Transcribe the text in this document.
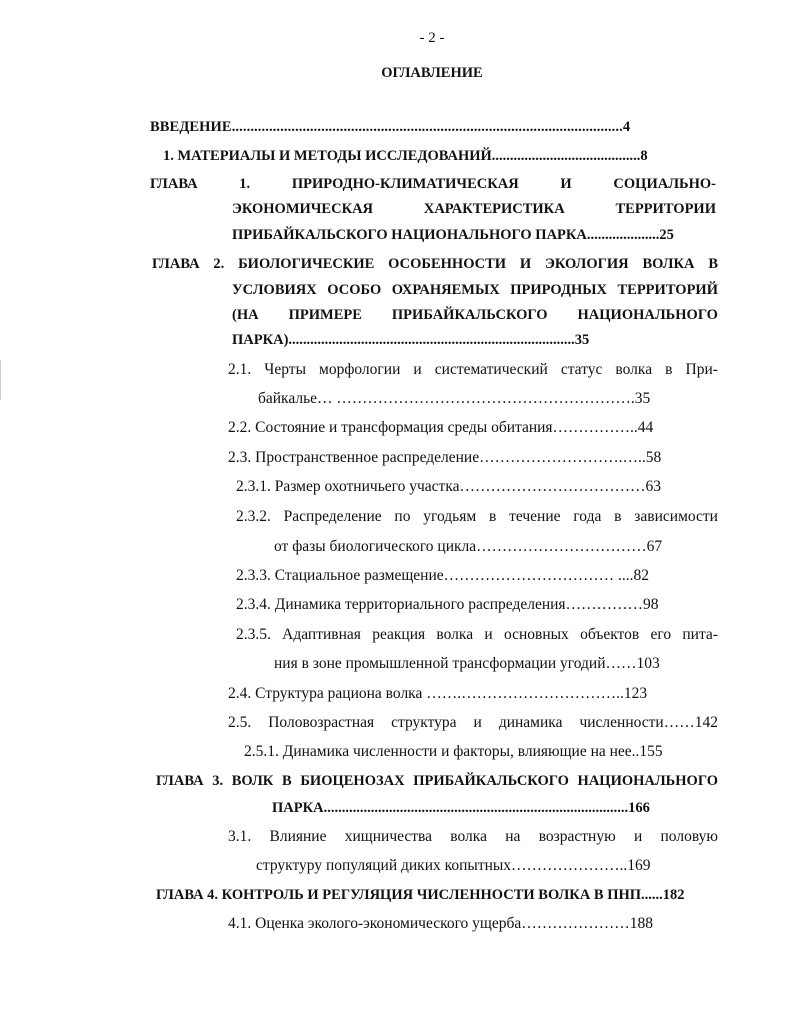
- 2 -
ОГЛАВЛЕНИЕ
ВВЕДЕНИЕ.........................................................................................................4
1. МАТЕРИАЛЫ И МЕТОДЫ ИССЛЕДОВАНИЙ.........................................8
ГЛАВА	1.	ПРИРОДНО-КЛИМАТИЧЕСКАЯ	И	СОЦИАЛЬНО-
ЭКОНОМИЧЕСКАЯ	ХАРАКТЕРИСТИКА	ТЕРРИТОРИИ
ПРИБАЙКАЛЬСКОГО НАЦИОНАЛЬНОГО ПАРКА....................25
ГЛАВА 2. БИОЛОГИЧЕСКИЕ ОСОБЕННОСТИ И ЭКОЛОГИЯ ВОЛКА В
УСЛОВИЯХ ОСОБО ОХРАНЯЕМЫХ ПРИРОДНЫХ ТЕРРИТОРИЙ
(НА ПРИМЕРЕ ПРИБАЙКАЛЬСКОГО НАЦИОНАЛЬНОГО
ПАРКА)...............................................................................35
2.1. Черты морфологии и систематический статус волка в При-
байкалье… ………………………………………………….35
2.2. Состояние и трансформация среды обитания……………..44
2.3. Пространственное распределение……………………….…..58
2.3.1. Размер охотничьего участка………………………………63
2.3.2. Распределение по угодьям в течение года в зависимости
от фазы биологического цикла……………………………67
2.3.3. Стациальное размещение…………………………… ....82
2.3.4. Динамика территориального распределения……………98
2.3.5. Адаптивная реакция волка и основных объектов его пита-
ния в зоне промышленной трансформации угодий……103
2.4. Структура рациона волка …….…………………………..123
2.5. Половозрастная структура и динамика численности……142
2.5.1. Динамика численности и факторы, влияющие на нее..155
ГЛАВА 3. ВОЛК В БИОЦЕНОЗАХ ПРИБАЙКАЛЬСКОГО НАЦИОНАЛЬНОГО
ПАРКА....................................................................................166
3.1. Влияние хищничества волка на возрастную и половую
структуру популяций диких копытных…………………..169
ГЛАВА 4. КОНТРОЛЬ И РЕГУЛЯЦИЯ ЧИСЛЕННОСТИ ВОЛКА В ПНП......182
4.1. Оценка эколого-экономического ущерба…………………188
